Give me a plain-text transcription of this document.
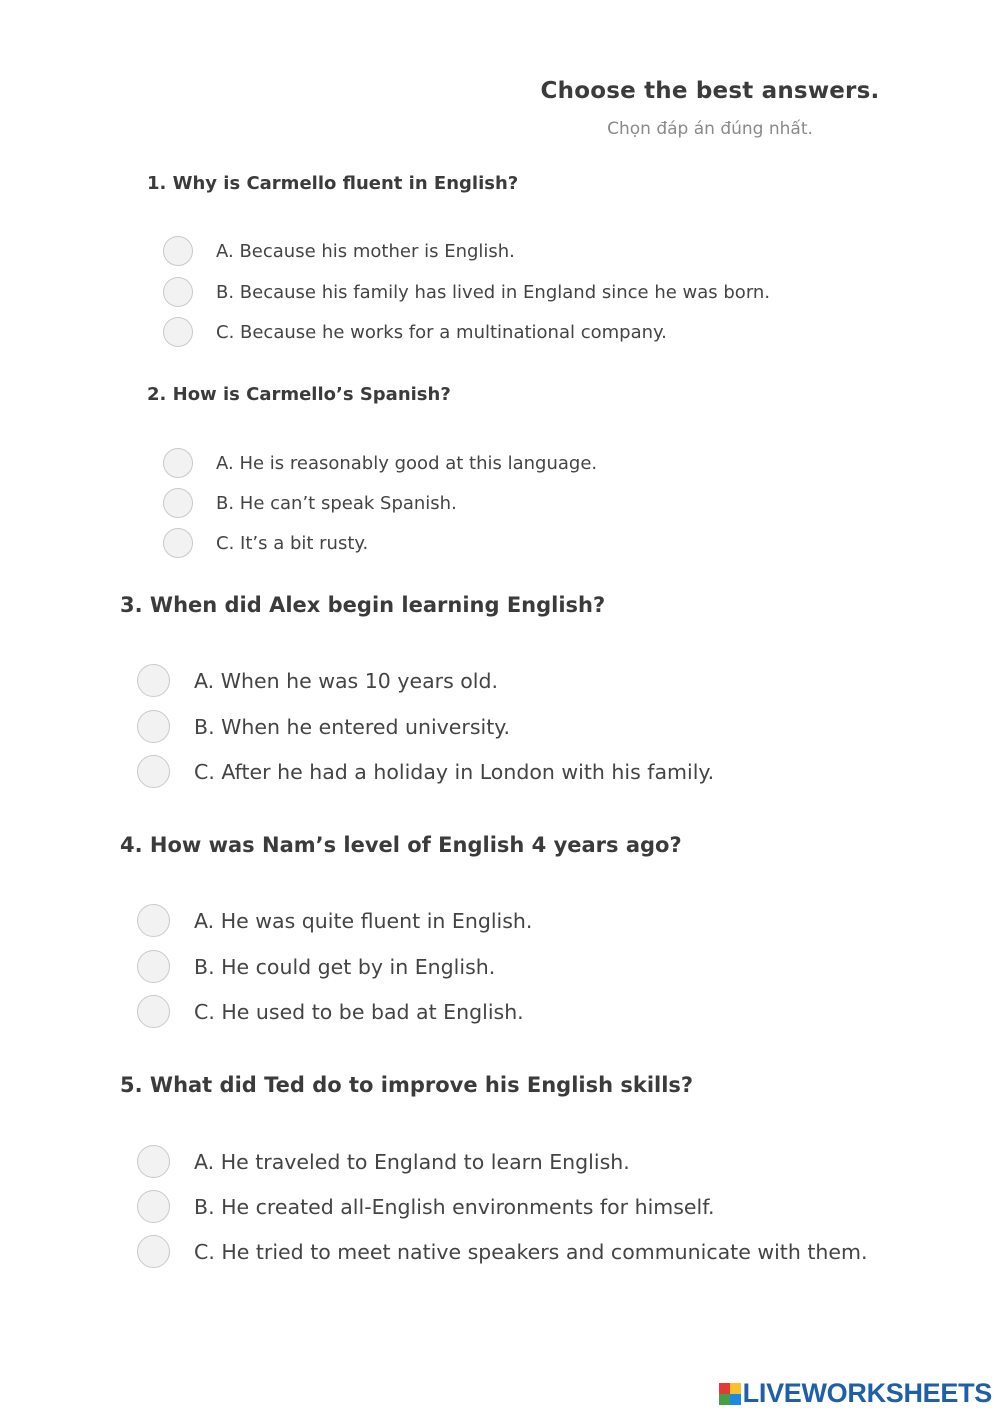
Choose the best answers.
Chọn đáp án đúng nhất.
1. Why is Carmello fluent in English?
A. Because his mother is English.
B. Because his family has lived in England since he was born.
C. Because he works for a multinational company.
2. How is Carmello’s Spanish?
A. He is reasonably good at this language.
B. He can’t speak Spanish.
C. It’s a bit rusty.
3. When did Alex begin learning English?
A. When he was 10 years old.
B. When he entered university.
C. After he had a holiday in London with his family.
4. How was Nam’s level of English 4 years ago?
A. He was quite fluent in English.
B. He could get by in English.
C. He used to be bad at English.
5. What did Ted do to improve his English skills?
A. He traveled to England to learn English.
B. He created all-English environments for himself.
C. He tried to meet native speakers and communicate with them.
LIVEWORKSHEETS
